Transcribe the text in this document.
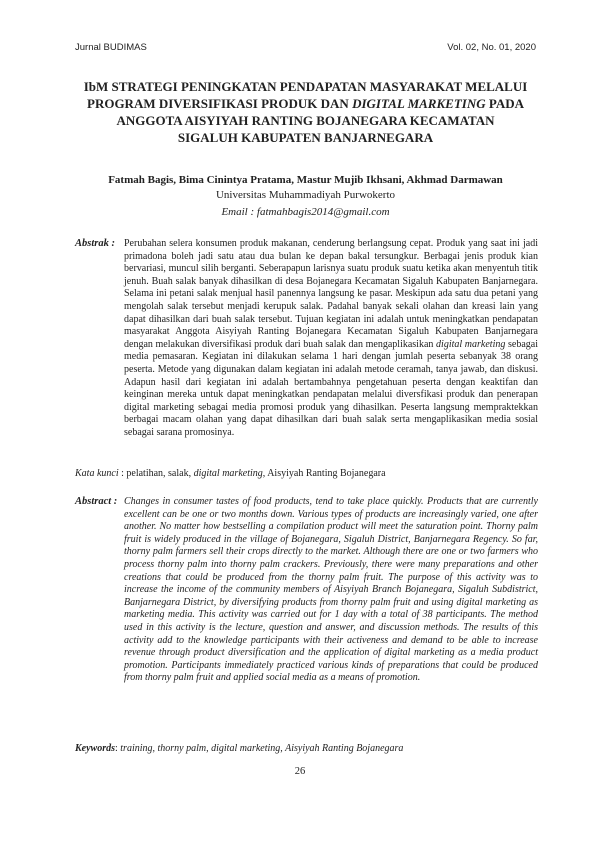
Jurnal BUDIMAS	Vol. 02, No. 01, 2020
IbM STRATEGI PENINGKATAN PENDAPATAN MASYARAKAT MELALUI
PROGRAM DIVERSIFIKASI PRODUK DAN DIGITAL MARKETING PADA
ANGGOTA AISYIYAH RANTING BOJANEGARA KECAMATAN
SIGALUH KABUPATEN BANJARNEGARA
Fatmah Bagis, Bima Cinintya Pratama, Mastur Mujib Ikhsani, Akhmad Darmawan
Universitas Muhammadiyah Purwokerto
Email : fatmahbagis2014@gmail.com
Abstrak : Perubahan selera konsumen produk makanan, cenderung berlangsung cepat. Produk yang saat ini jadi primadona boleh jadi satu atau dua bulan ke depan bakal tersungkur. Berbagai jenis produk kian bervariasi, muncul silih berganti. Seberapapun larisnya suatu produk suatu ketika akan menyentuh titik jenuh. Buah salak banyak dihasilkan di desa Bojanegara Kecamatan Sigaluh Kabupaten Banjarnegara. Selama ini petani salak menjual hasil panennya langsung ke pasar. Meskipun ada satu dua petani yang mengolah salak tersebut menjadi kerupuk salak. Padahal banyak sekali olahan dan kreasi lain yang dapat dihasilkan dari buah salak tersebut. Tujuan kegiatan ini adalah untuk meningkatkan pendapatan masyarakat Anggota Aisyiyah Ranting Bojanegara Kecamatan Sigaluh Kabupaten Banjarnegara dengan melakukan diversifikasi produk dari buah salak dan mengaplikasikan digital marketing sebagai media pemasaran. Kegiatan ini dilakukan selama 1 hari dengan jumlah peserta sebanyak 38 orang peserta. Metode yang digunakan dalam kegiatan ini adalah metode ceramah, tanya jawab, dan diskusi. Adapun hasil dari kegiatan ini adalah bertambahnya pengetahuan peserta dengan keaktifan dan keinginan mereka untuk dapat meningkatkan pendapatan melalui diversfikasi produk dan penerapan digital marketing sebagai media promosi produk yang dihasilkan. Peserta langsung mempraktekkan berbagai macam olahan yang dapat dihasilkan dari buah salak serta mengaplikasikan media sosial sebagai sarana promosinya.
Kata kunci : pelatihan, salak, digital marketing, Aisyiyah Ranting Bojanegara
Abstract : Changes in consumer tastes of food products, tend to take place quickly. Products that are currently excellent can be one or two months down. Various types of products are increasingly varied, one after another. No matter how bestselling a compilation product will meet the saturation point. Thorny palm fruit is widely produced in the village of Bojanegara, Sigaluh District, Banjarnegara Regency. So far, thorny palm farmers sell their crops directly to the market. Although there are one or two farmers who process thorny palm into thorny palm crackers. Previously, there were many preparations and other creations that could be produced from the thorny palm fruit. The purpose of this activity was to increase the income of the community members of Aisyiyah Branch Bojanegara, Sigaluh Subdistrict, Banjarnegara District, by diversifying products from thorny palm fruit and using digital marketing as marketing media. This activity was carried out for 1 day with a total of 38 participants. The method used in this activity is the lecture, question and answer, and discussion methods. The results of this activity add to the knowledge participants with their activeness and demand to be able to increase revenue through product diversification and the application of digital marketing as a media product promotion. Participants immediately practiced various kinds of preparations that could be produced from thorny palm fruit and applied social media as a means of promotion.
Keywords: training, thorny palm, digital marketing, Aisyiyah Ranting Bojanegara
26
